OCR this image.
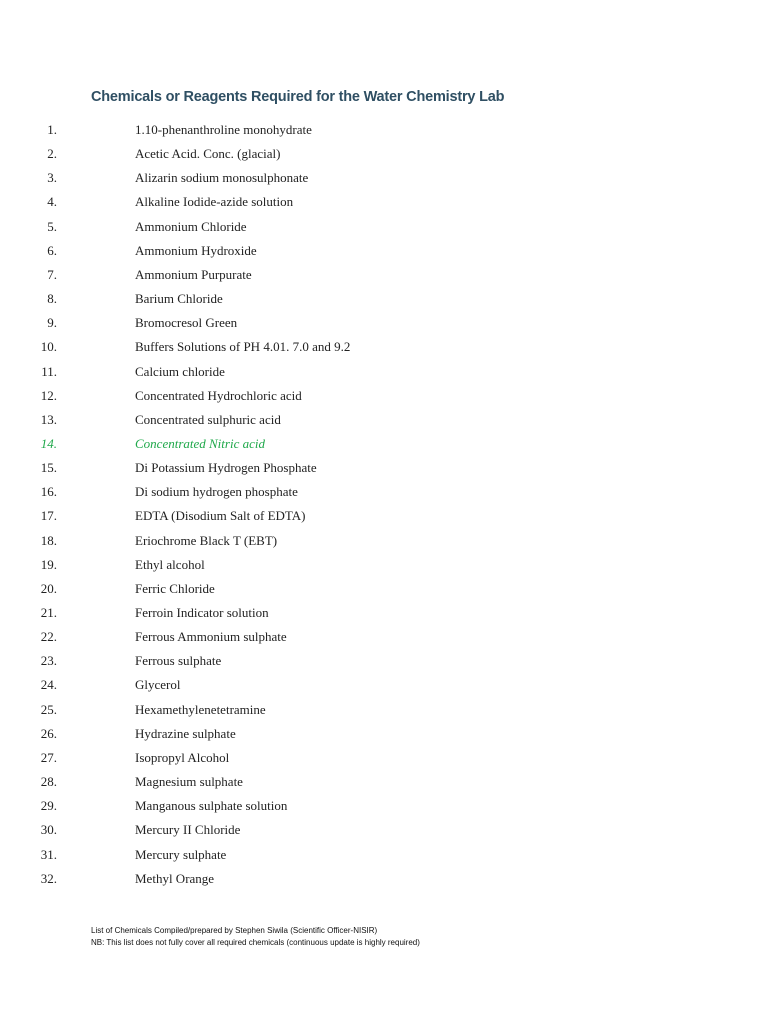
Chemicals or Reagents Required for the Water Chemistry Lab
1.	1.10-phenanthroline monohydrate
2.	Acetic Acid. Conc. (glacial)
3.	Alizarin sodium monosulphonate
4.	Alkaline Iodide-azide solution
5.	Ammonium Chloride
6.	Ammonium Hydroxide
7.	Ammonium Purpurate
8.	Barium Chloride
9.	Bromocresol Green
10.	Buffers Solutions of PH 4.01. 7.0 and 9.2
11.	Calcium chloride
12.	Concentrated Hydrochloric acid
13.	Concentrated sulphuric acid
14.	Concentrated Nitric acid
15.	Di Potassium Hydrogen Phosphate
16.	Di sodium hydrogen phosphate
17.	EDTA (Disodium Salt of EDTA)
18.	Eriochrome Black T (EBT)
19.	Ethyl alcohol
20.	Ferric Chloride
21.	Ferroin Indicator solution
22.	Ferrous Ammonium sulphate
23.	Ferrous sulphate
24.	Glycerol
25.	Hexamethylenetetramine
26.	Hydrazine sulphate
27.	Isopropyl Alcohol
28.	Magnesium sulphate
29.	Manganous sulphate solution
30.	Mercury II Chloride
31.	Mercury sulphate
32.	Methyl Orange
List of Chemicals Compiled/prepared by Stephen Siwila (Scientific Officer-NISIR)
NB: This list does not fully cover all required chemicals (continuous update is highly required)
